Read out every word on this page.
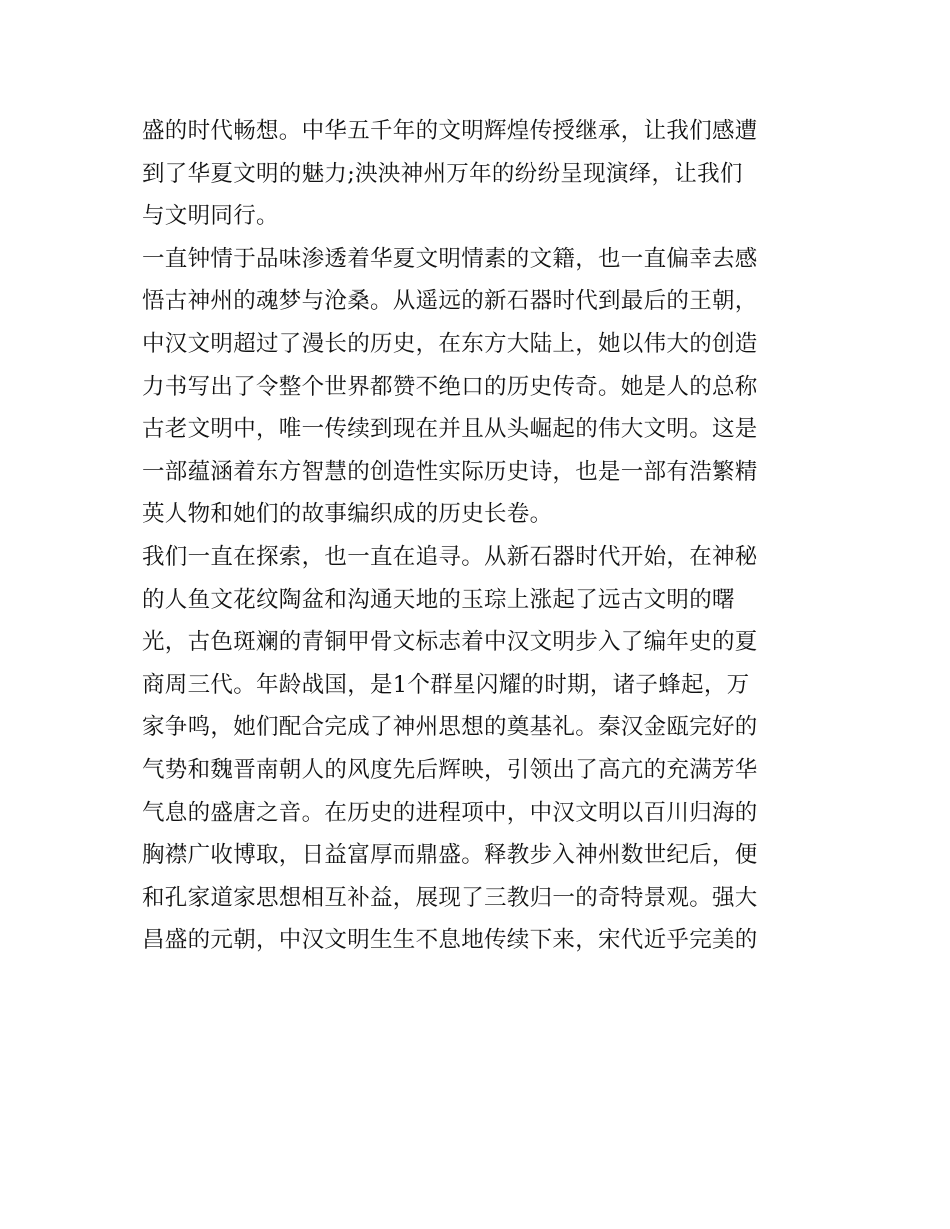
盛的时代畅想。中华五千年的文明辉煌传授继承，让我们感遭
到了华夏文明的魅力;泱泱神州万年的纷纷呈现演绎，让我们
与文明同行。
一直钟情于品味渗透着华夏文明情素的文籍，也一直偏幸去感
悟古神州的魂梦与沧桑。从遥远的新石器时代到最后的王朝，
中汉文明超过了漫长的历史，在东方大陆上，她以伟大的创造
力书写出了令整个世界都赞不绝口的历史传奇。她是人的总称
古老文明中，唯一传续到现在并且从头崛起的伟大文明。这是
一部蕴涵着东方智慧的创造性实际历史诗，也是一部有浩繁精
英人物和她们的故事编织成的历史长卷。
我们一直在探索，也一直在追寻。从新石器时代开始，在神秘
的人鱼文花纹陶盆和沟通天地的玉琮上涨起了远古文明的曙
光，古色斑斓的青铜甲骨文标志着中汉文明步入了编年史的夏
商周三代。年龄战国，是1个群星闪耀的时期，诸子蜂起，万
家争鸣，她们配合完成了神州思想的奠基礼。秦汉金瓯完好的
气势和魏晋南朝人的风度先后辉映，引领出了高亢的充满芳华
气息的盛唐之音。在历史的进程项中，中汉文明以百川归海的
胸襟广收博取，日益富厚而鼎盛。释教步入神州数世纪后，便
和孔家道家思想相互补益，展现了三教归一的奇特景观。强大
昌盛的元朝，中汉文明生生不息地传续下来，宋代近乎完美的
